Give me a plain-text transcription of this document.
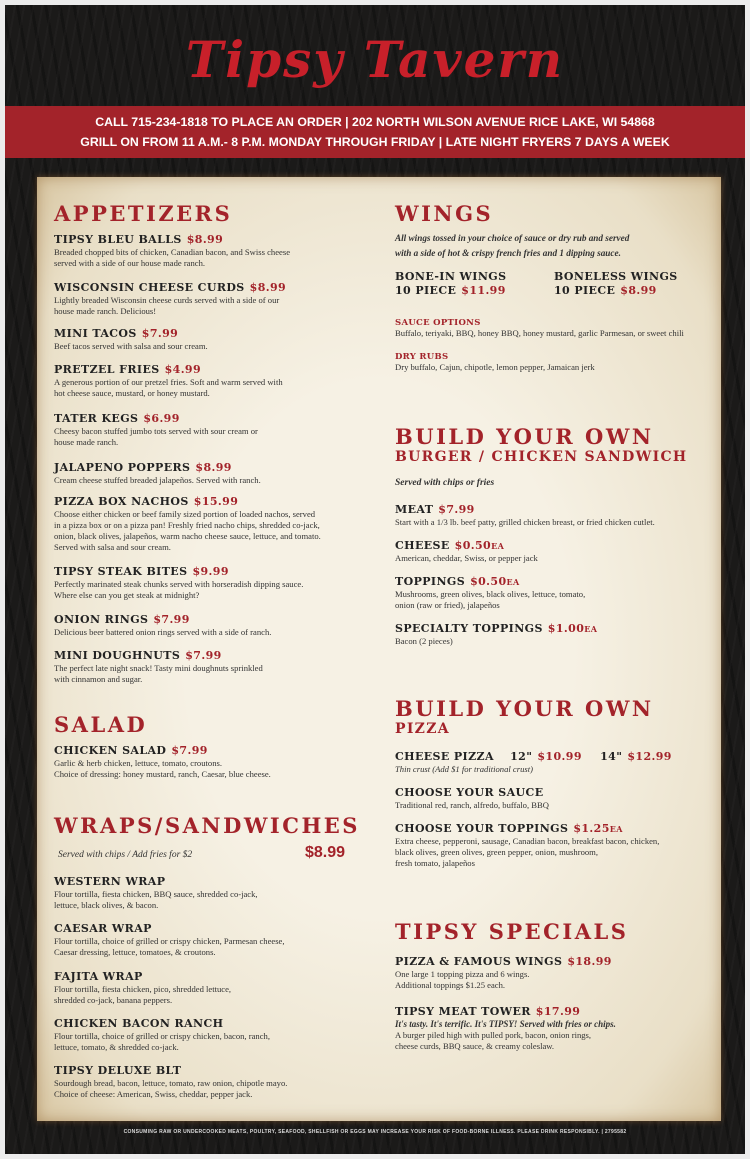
Tipsy Tavern
CALL 715-234-1818 TO PLACE AN ORDER | 202 NORTH WILSON AVENUE RICE LAKE, WI 54868
GRILL ON FROM 11 A.M.- 8 P.M. MONDAY THROUGH FRIDAY | LATE NIGHT FRYERS 7 DAYS A WEEK
APPETIZERS
TIPSY BLEU BALLS $8.99
Breaded chopped bits of chicken, Canadian bacon, and Swiss cheese
served with a side of our house made ranch.
WISCONSIN CHEESE CURDS $8.99
Lightly breaded Wisconsin cheese curds served with a side of our
house made ranch. Delicious!
MINI TACOS $7.99
Beef tacos served with salsa and sour cream.
PRETZEL FRIES $4.99
A generous portion of our pretzel fries. Soft and warm served with
hot cheese sauce, mustard, or honey mustard.
TATER KEGS $6.99
Cheesy bacon stuffed jumbo tots served with sour cream or
house made ranch.
JALAPENO POPPERS $8.99
Cream cheese stuffed breaded jalapeños. Served with ranch.
PIZZA BOX NACHOS $15.99
Choose either chicken or beef family sized portion of loaded nachos, served
in a pizza box or on a pizza pan! Freshly fried nacho chips, shredded co-jack,
onion, black olives, jalapeños, warm nacho cheese sauce, lettuce, and tomato.
Served with salsa and sour cream.
TIPSY STEAK BITES $9.99
Perfectly marinated steak chunks served with horseradish dipping sauce.
Where else can you get steak at midnight?
ONION RINGS $7.99
Delicious beer battered onion rings served with a side of ranch.
MINI DOUGHNUTS $7.99
The perfect late night snack! Tasty mini doughnuts sprinkled
with cinnamon and sugar.
SALAD
CHICKEN SALAD $7.99
Garlic & herb chicken, lettuce, tomato, croutons.
Choice of dressing: honey mustard, ranch, Caesar, blue cheese.
WRAPS/SANDWICHES
Served with chips / Add fries for $2	$8.99
WESTERN WRAP
Flour tortilla, fiesta chicken, BBQ sauce, shredded co-jack,
lettuce, black olives, & bacon.
CAESAR WRAP
Flour tortilla, choice of grilled or crispy chicken, Parmesan cheese,
Caesar dressing, lettuce, tomatoes, & croutons.
FAJITA WRAP
Flour tortilla, fiesta chicken, pico, shredded lettuce,
shredded co-jack, banana peppers.
CHICKEN BACON RANCH
Flour tortilla, choice of grilled or crispy chicken, bacon, ranch,
lettuce, tomato, & shredded co-jack.
TIPSY DELUXE BLT
Sourdough bread, bacon, lettuce, tomato, raw onion, chipotle mayo.
Choice of cheese: American, Swiss, cheddar, pepper jack.
WINGS
All wings tossed in your choice of sauce or dry rub and served
with a side of hot & crispy french fries and 1 dipping sauce.
BONE-IN WINGS
10 PIECE $11.99
BONELESS WINGS
10 PIECE $8.99
SAUCE OPTIONS
Buffalo, teriyaki, BBQ, honey BBQ, honey mustard, garlic Parmesan, or sweet chili
DRY RUBS
Dry buffalo, Cajun, chipotle, lemon pepper, Jamaican jerk
BUILD YOUR OWN
BURGER / CHICKEN SANDWICH
Served with chips or fries
MEAT $7.99
Start with a 1/3 lb. beef patty, grilled chicken breast, or fried chicken cutlet.
CHEESE $0.50EA
American, cheddar, Swiss, or pepper jack
TOPPINGS $0.50EA
Mushrooms, green olives, black olives, lettuce, tomato,
onion (raw or fried), jalapeños
SPECIALTY TOPPINGS $1.00EA
Bacon (2 pieces)
BUILD YOUR OWN
PIZZA
CHEESE PIZZA 12" $10.99 14" $12.99
Thin crust (Add $1 for traditional crust)
CHOOSE YOUR SAUCE
Traditional red, ranch, alfredo, buffalo, BBQ
CHOOSE YOUR TOPPINGS $1.25EA
Extra cheese, pepperoni, sausage, Canadian bacon, breakfast bacon, chicken,
black olives, green olives, green pepper, onion, mushroom,
fresh tomato, jalapeños
TIPSY SPECIALS
PIZZA & FAMOUS WINGS $18.99
One large 1 topping pizza and 6 wings.
Additional toppings $1.25 each.
TIPSY MEAT TOWER $17.99
It's tasty. It's terrific. It's TIPSY! Served with fries or chips.
A burger piled high with pulled pork, bacon, onion rings,
cheese curds, BBQ sauce, & creamy coleslaw.
CONSUMING RAW OR UNDERCOOKED MEATS, POULTRY, SEAFOOD, SHELLFISH OR EGGS MAY INCREASE YOUR RISK OF FOOD-BORNE ILLNESS. PLEASE DRINK RESPONSIBLY. | 2795582
